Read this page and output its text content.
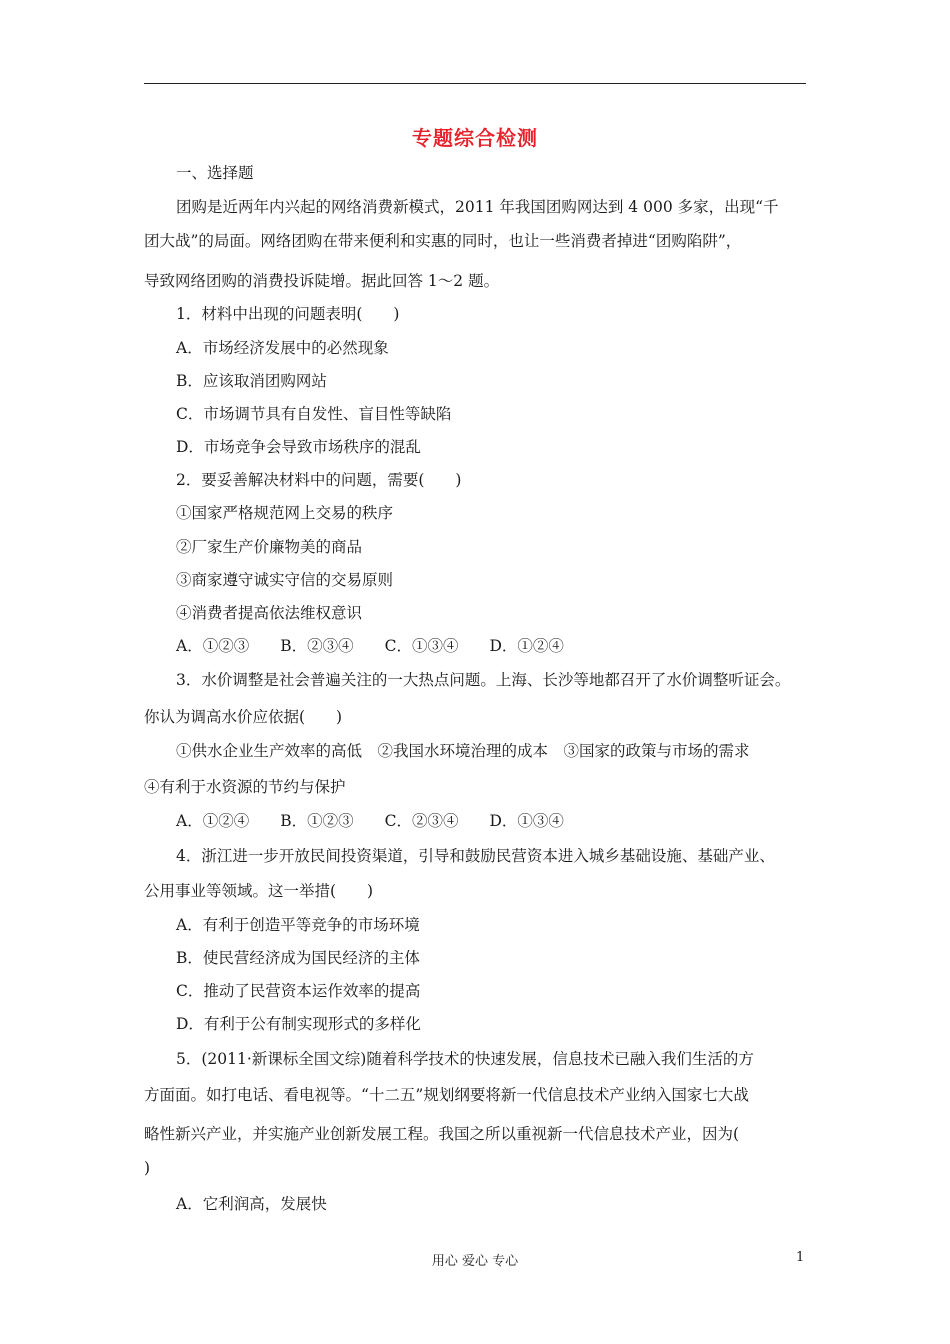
专题综合检测
一、选择题
团购是近两年内兴起的网络消费新模式，2011 年我国团购网达到 4 000 多家，出现“千
团大战”的局面。网络团购在带来便利和实惠的同时，也让一些消费者掉进“团购陷阱”，
导致网络团购的消费投诉陡增。据此回答 1～2 题。
1．材料中出现的问题表明(　　)
A．市场经济发展中的必然现象
B．应该取消团购网站
C．市场调节具有自发性、盲目性等缺陷
D．市场竞争会导致市场秩序的混乱
2．要妥善解决材料中的问题，需要(　　)
①国家严格规范网上交易的秩序
②厂家生产价廉物美的商品
③商家遵守诚实守信的交易原则
④消费者提高依法维权意识
A．①②③　　B．②③④　　C．①③④　　D．①②④
3．水价调整是社会普遍关注的一大热点问题。上海、长沙等地都召开了水价调整听证会。
你认为调高水价应依据(　　)
①供水企业生产效率的高低　②我国水环境治理的成本　③国家的政策与市场的需求
④有利于水资源的节约与保护
A．①②④　　B．①②③　　C．②③④　　D．①③④
4．浙江进一步开放民间投资渠道，引导和鼓励民营资本进入城乡基础设施、基础产业、
公用事业等领域。这一举措(　　)
A．有利于创造平等竞争的市场环境
B．使民营经济成为国民经济的主体
C．推动了民营资本运作效率的提高
D．有利于公有制实现形式的多样化
5．(2011·新课标全国文综)随着科学技术的快速发展，信息技术已融入我们生活的方
方面面。如打电话、看电视等。“十二五”规划纲要将新一代信息技术产业纳入国家七大战
略性新兴产业，并实施产业创新发展工程。我国之所以重视新一代信息技术产业，因为(
)
A．它利润高，发展快
用心 爱心 专心	1
